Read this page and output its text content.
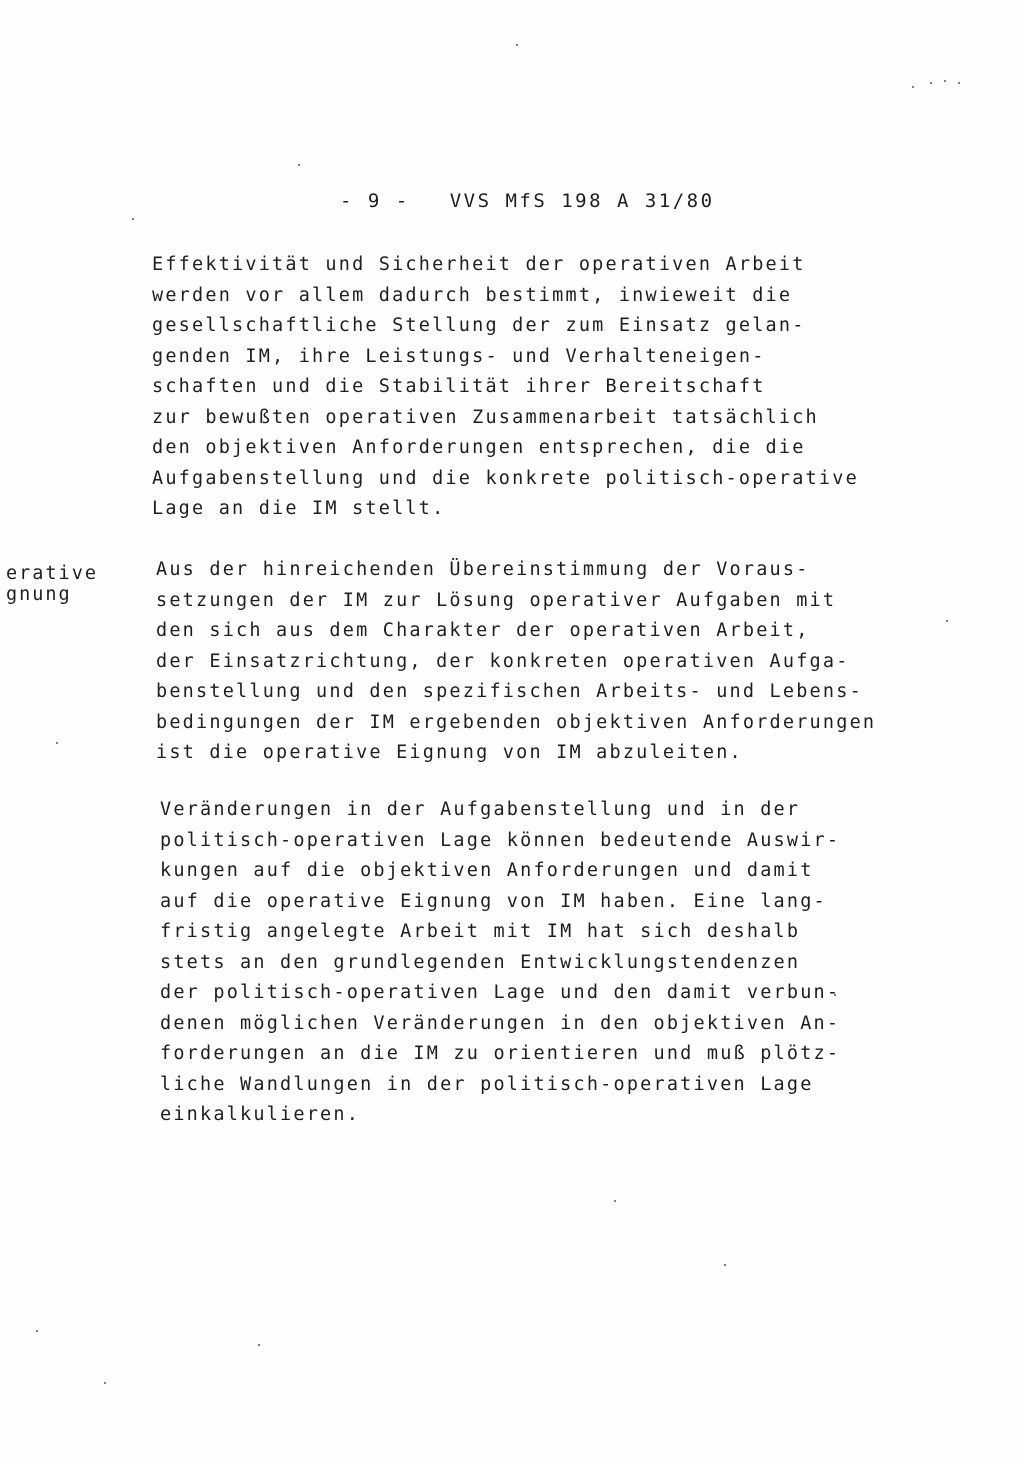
- 9 - VVS MfS 198 A 31/80
erative
gnung
Effektivität und Sicherheit der operativen Arbeit
werden vor allem dadurch bestimmt, inwieweit die
gesellschaftliche Stellung der zum Einsatz gelan-
genden IM, ihre Leistungs- und Verhalteneigen-
schaften und die Stabilität ihrer Bereitschaft
zur bewußten operativen Zusammenarbeit tatsächlich
den objektiven Anforderungen entsprechen, die die
Aufgabenstellung und die konkrete politisch-operative
Lage an die IM stellt.
Aus der hinreichenden Übereinstimmung der Voraus-
setzungen der IM zur Lösung operativer Aufgaben mit
den sich aus dem Charakter der operativen Arbeit,
der Einsatzrichtung, der konkreten operativen Aufga-
benstellung und den spezifischen Arbeits- und Lebens-
bedingungen der IM ergebenden objektiven Anforderungen
ist die operative Eignung von IM abzuleiten.
Veränderungen in der Aufgabenstellung und in der
politisch-operativen Lage können bedeutende Auswir-
kungen auf die objektiven Anforderungen und damit
auf die operative Eignung von IM haben. Eine lang-
fristig angelegte Arbeit mit IM hat sich deshalb
stets an den grundlegenden Entwicklungstendenzen
der politisch-operativen Lage und den damit verbun-
denen möglichen Veränderungen in den objektiven An-
forderungen an die IM zu orientieren und muß plötz-
liche Wandlungen in der politisch-operativen Lage
einkalkulieren.
